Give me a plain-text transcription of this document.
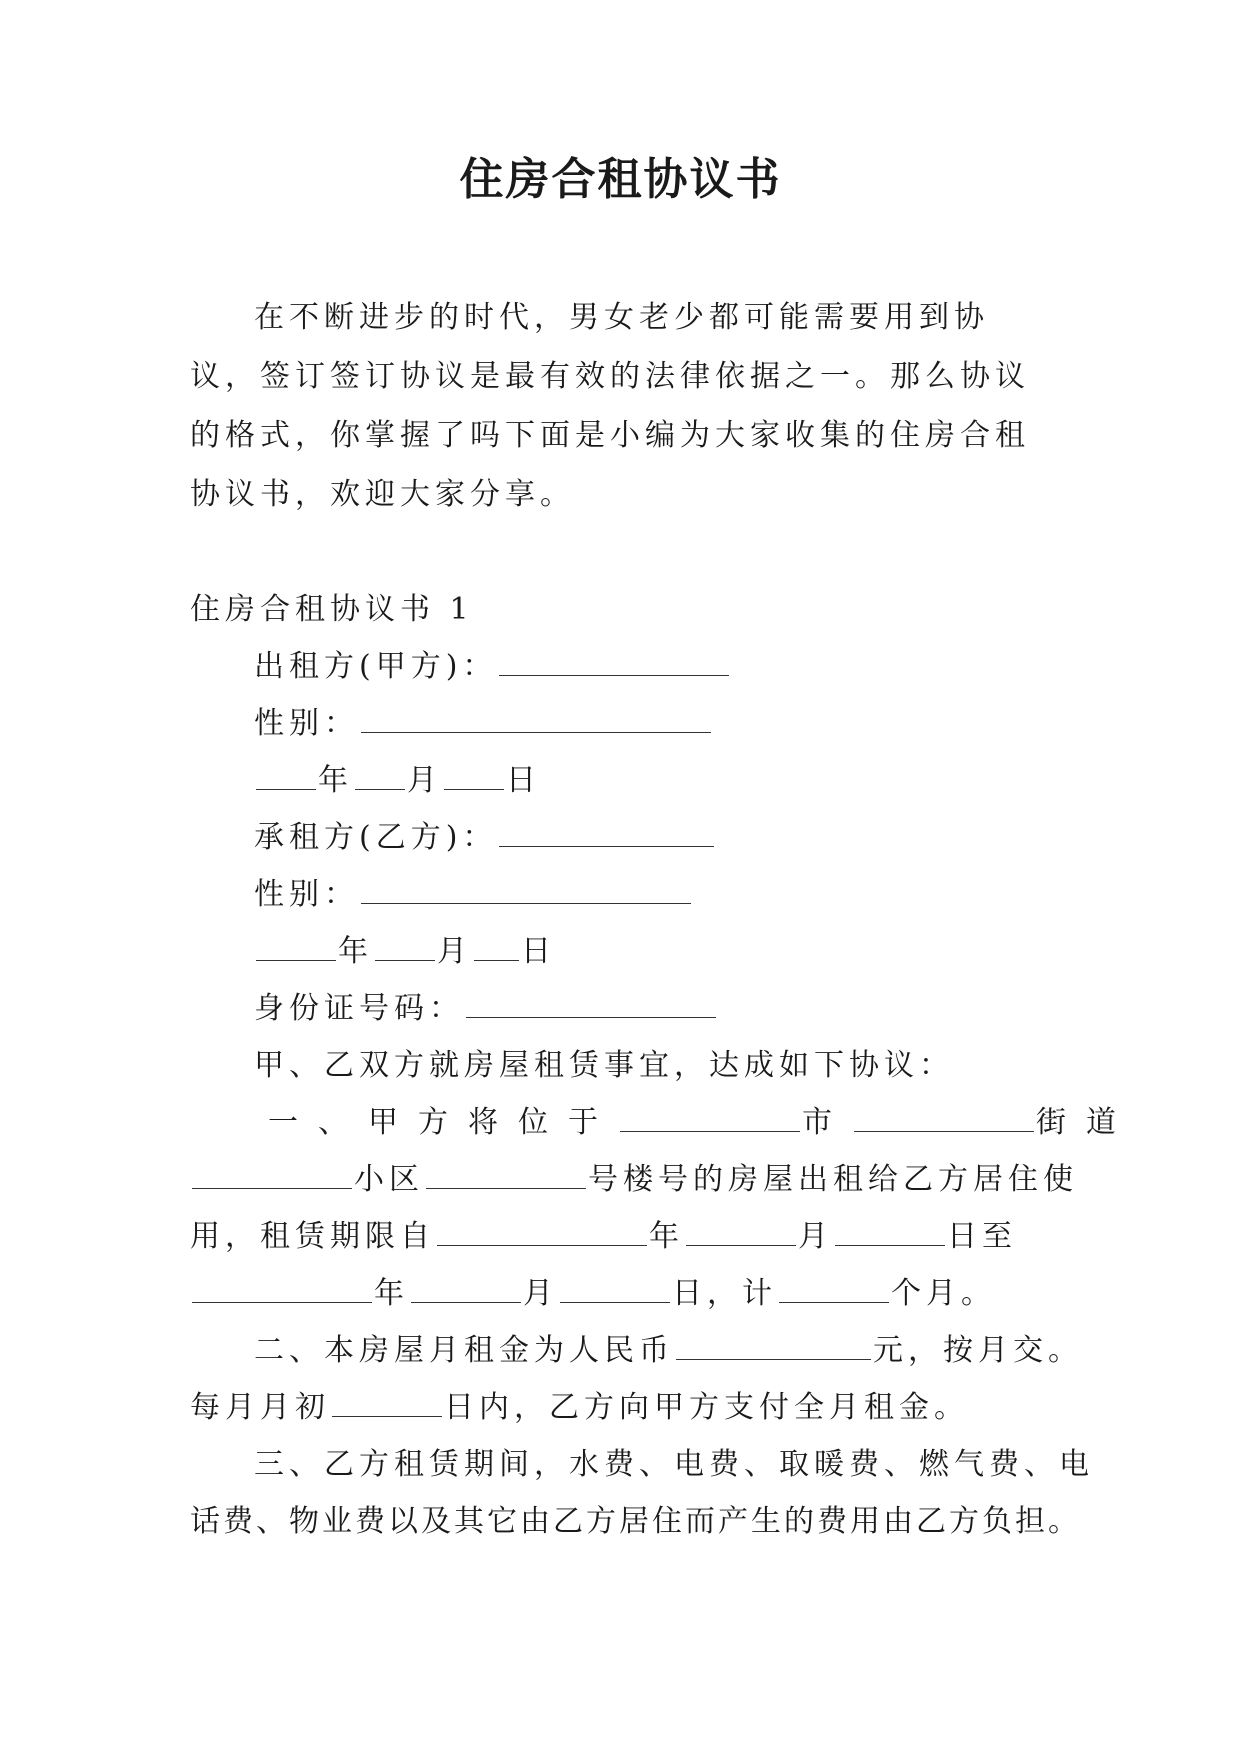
住房合租协议书

在不断进步的时代，男女老少都可能需要用到协议，签订签订协议是最有效的法律依据之一。那么协议的格式，你掌握了吗下面是小编为大家收集的住房合租协议书，欢迎大家分享。

住房合租协议书 1
出租方(甲方)：
性别：
年 月 日
承租方(乙方)：
性别：
年 月 日
身份证号码：
甲、乙双方就房屋租赁事宜，达成如下协议：
一、甲方将位于	市	街道
小区	号楼号的房屋出租给乙方居住使
用，租赁期限自	年	月	日至
年	月	日，计	个月。
二、本房屋月租金为人民币	元，按月交。
每月月初	日内，乙方向甲方支付全月租金。
三、乙方租赁期间，水费、电费、取暖费、燃气费、电
话费、物业费以及其它由乙方居住而产生的费用由乙方负担。
